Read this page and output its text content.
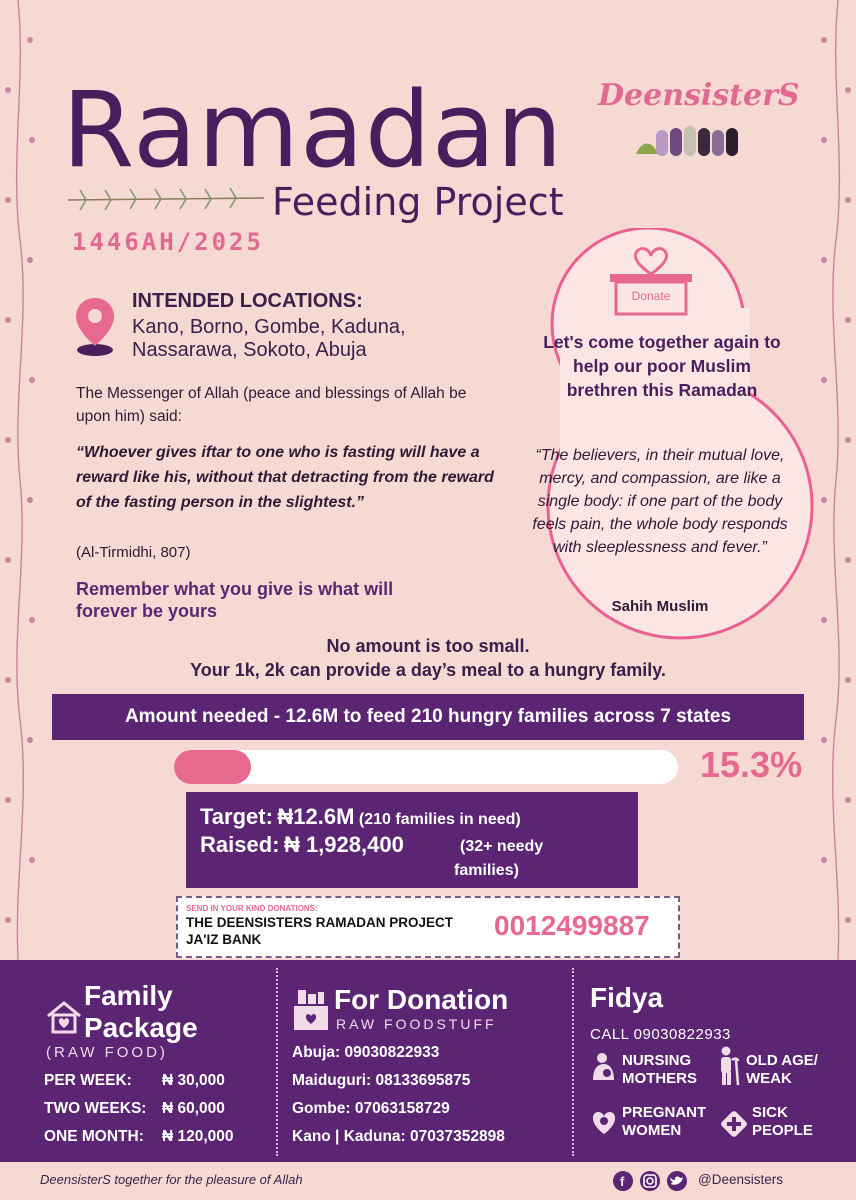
Ramadan
Feeding Project
1446AH/2025
DeensisterS
INTENDED LOCATIONS:
Kano, Borno, Gombe, Kaduna,
Nassarawa, Sokoto, Abuja
The Messenger of Allah (peace and blessings of Allah be upon him) said:
“Whoever gives iftar to one who is fasting will have a reward like his, without that detracting from the reward of the fasting person in the slightest.”
(Al-Tirmidhi, 807)
Remember what you give is what will forever be yours
Donate
Let's come together again to help our poor Muslim brethren this Ramadan
“The believers, in their mutual love, mercy, and compassion, are like a single body: if one part of the body feels pain, the whole body responds with sleeplessness and fever.”
Sahih Muslim
No amount is too small.
Your 1k, 2k can provide a day’s meal to a hungry family.
Amount needed - 12.6M to feed 210 hungry families across 7 states
15.3%
Target: ₦12.6M (210 families in need)
Raised: ₦ 1,928,400	(32+ needy
families)
SEND IN YOUR KIND DONATIONS:
THE DEENSISTERS RAMADAN PROJECT
JA'IZ BANK	0012499887
Family
Package
(RAW FOOD)
PER WEEK: ₦ 30,000
TWO WEEKS: ₦ 60,000
ONE MONTH: ₦ 120,000
For Donation
RAW FOODSTUFF
Abuja: 09030822933
Maiduguri: 08133695875
Gombe: 07063158729
Kano | Kaduna: 07037352898
Fidya
CALL 09030822933
NURSING
MOTHERS
OLD AGE/
WEAK
PREGNANT
WOMEN
SICK
PEOPLE
DeensisterS together for the pleasure of Allah	f	@Deensisters
